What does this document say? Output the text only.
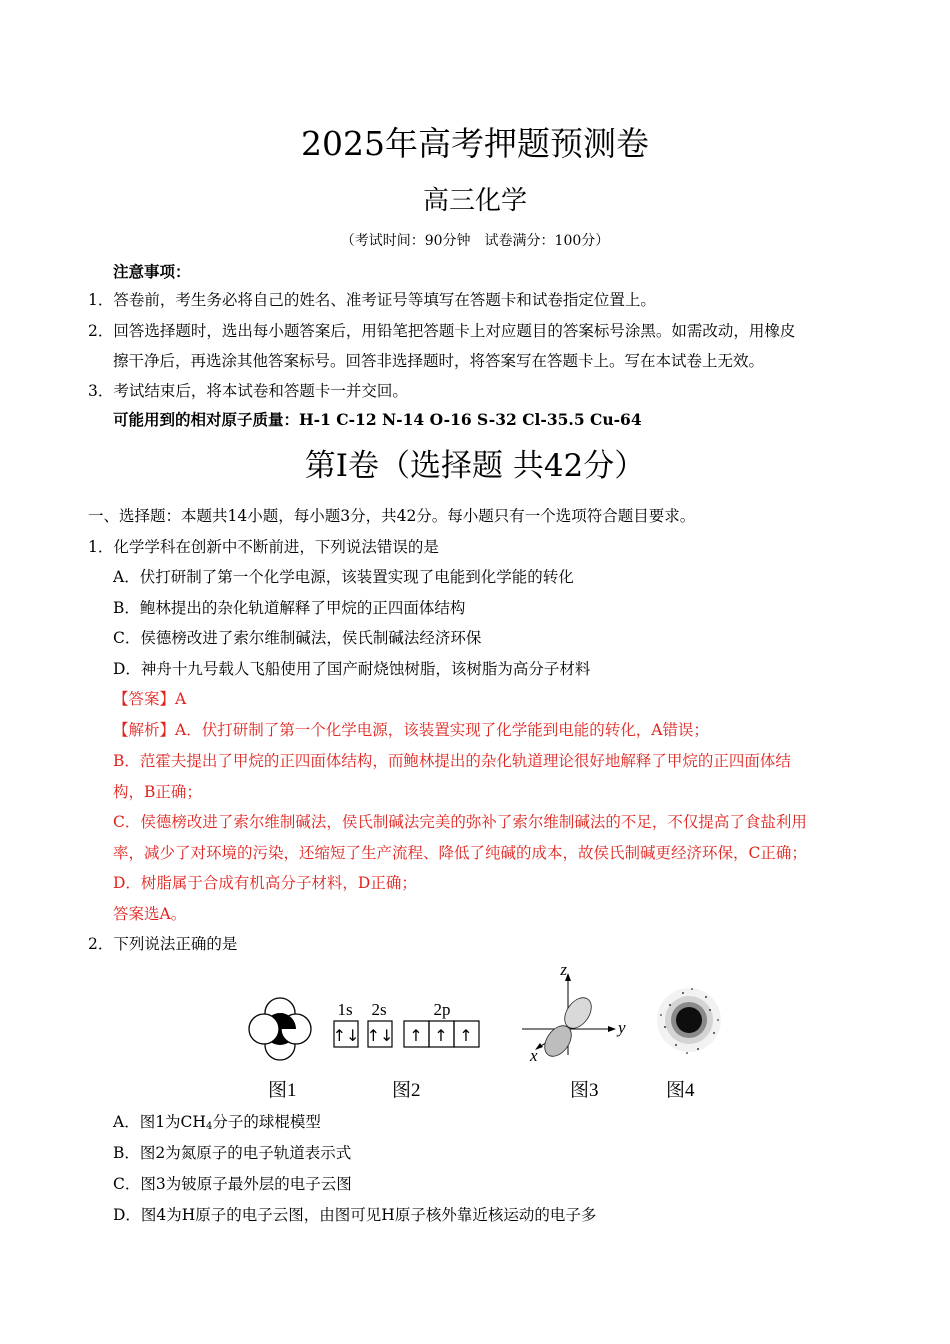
2025年高考押题预测卷
高三化学
（考试时间：90分钟　试卷满分：100分）
注意事项：
1．答卷前，考生务必将自己的姓名、准考证号等填写在答题卡和试卷指定位置上。
2．回答选择题时，选出每小题答案后，用铅笔把答题卡上对应题目的答案标号涂黑。如需改动，用橡皮
擦干净后，再选涂其他答案标号。回答非选择题时，将答案写在答题卡上。写在本试卷上无效。
3．考试结束后，将本试卷和答题卡一并交回。
可能用到的相对原子质量：H-1 C-12 N-14 O-16 S-32 Cl-35.5 Cu-64
第Ⅰ卷（选择题 共42分）
一、选择题：本题共14小题，每小题3分，共42分。每小题只有一个选项符合题目要求。
1．化学学科在创新中不断前进，下列说法错误的是
A．伏打研制了第一个化学电源，该装置实现了电能到化学能的转化
B．鲍林提出的杂化轨道解释了甲烷的正四面体结构
C．侯德榜改进了索尔维制碱法，侯氏制碱法经济环保
D．神舟十九号载人飞船使用了国产耐烧蚀树脂，该树脂为高分子材料
【答案】A
【解析】A．伏打研制了第一个化学电源，该装置实现了化学能到电能的转化，A错误；
B．范霍夫提出了甲烷的正四面体结构，而鲍林提出的杂化轨道理论很好地解释了甲烷的正四面体结
构，B正确；
C．侯德榜改进了索尔维制碱法，侯氏制碱法完美的弥补了索尔维制碱法的不足，不仅提高了食盐利用
率，减少了对环境的污染，还缩短了生产流程、降低了纯碱的成本，故侯氏制碱更经济环保，C正确；
D．树脂属于合成有机高分子材料，D正确；
答案选A。
2．下列说法正确的是
1s 2s	2p
↑↓ ↑↓ ↑ ↑ ↑
z
y
x
图1	图2	图3	图4
A．图1为$CH_4$分子的球棍模型
B．图2为氮原子的电子轨道表示式
C．图3为铍原子最外层的电子云图
D．图4为H原子的电子云图，由图可见H原子核外靠近核运动的电子多
